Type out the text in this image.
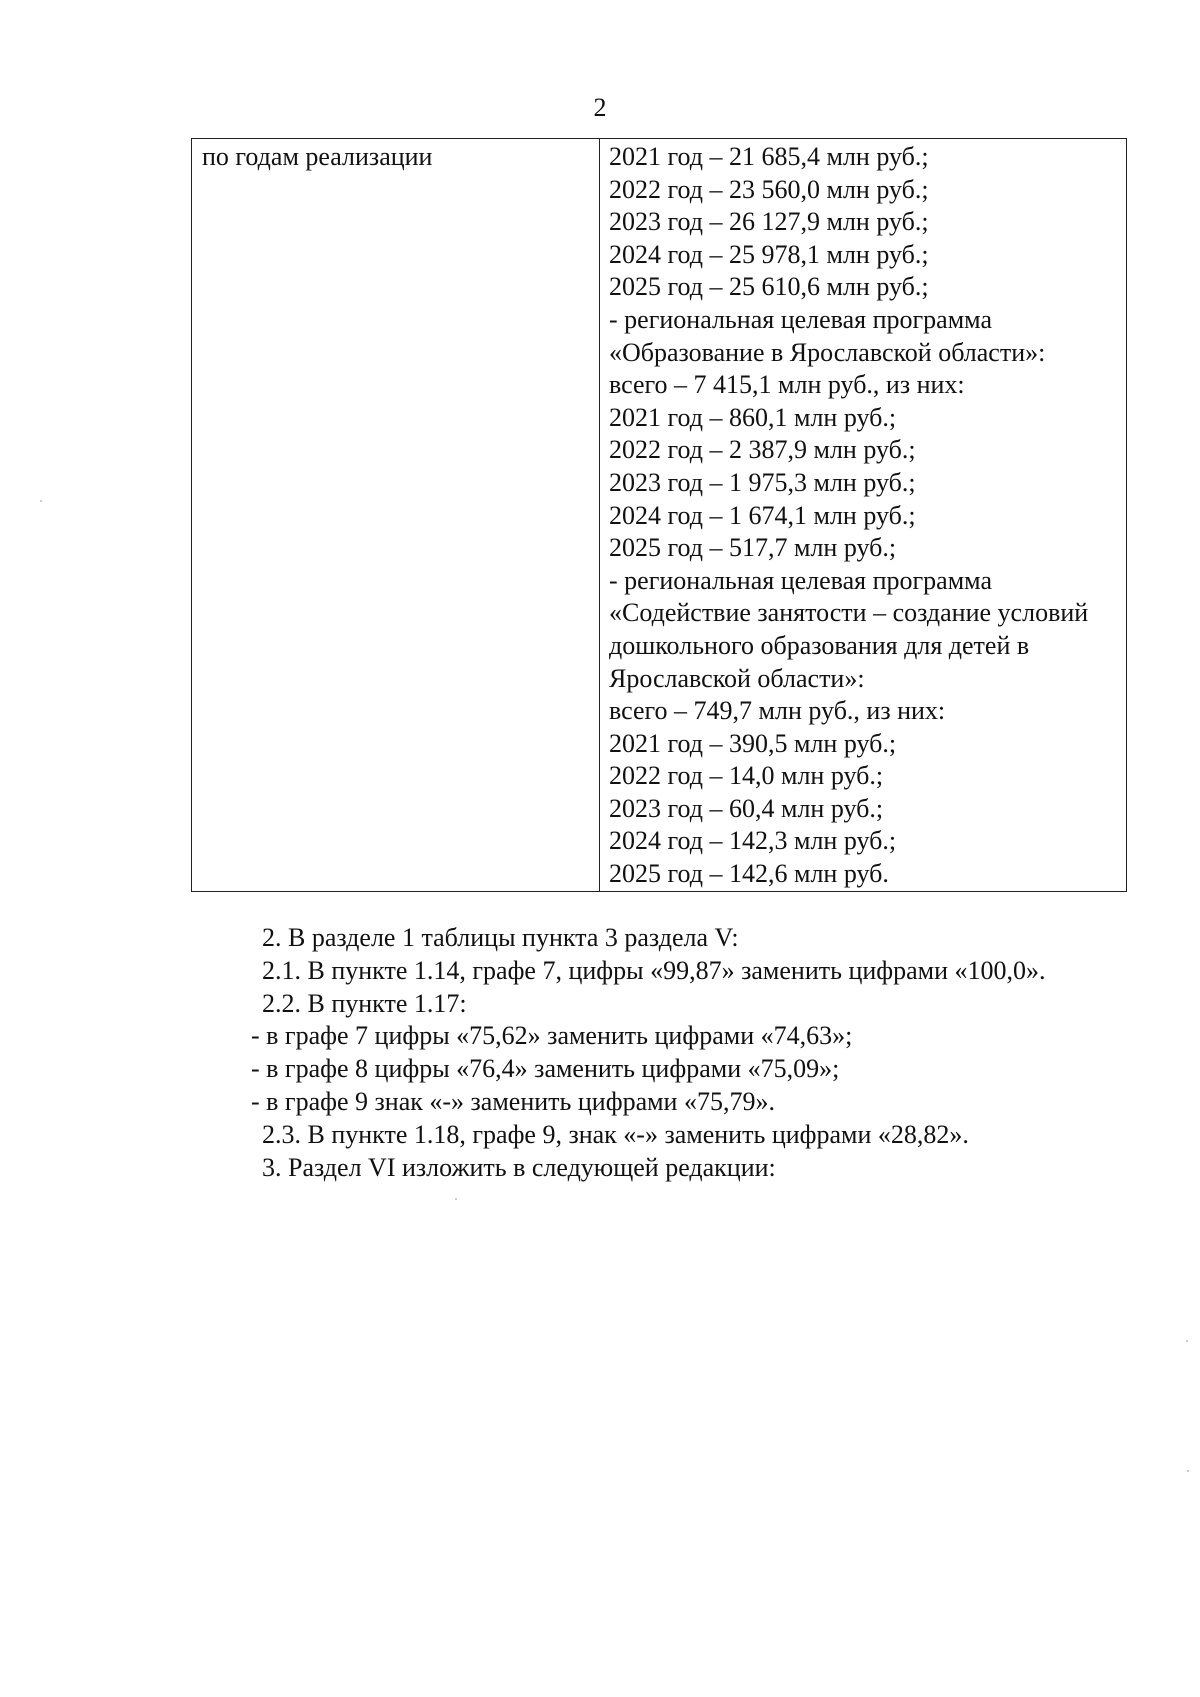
2
по годам реализации	2021 год – 21 685,4 млн руб.;
2022 год – 23 560,0 млн руб.;
2023 год – 26 127,9 млн руб.;
2024 год – 25 978,1 млн руб.;
2025 год – 25 610,6 млн руб.;
- региональная целевая программа
«Образование в Ярославской области»:
всего – 7 415,1 млн руб., из них:
2021 год – 860,1 млн руб.;
2022 год – 2 387,9 млн руб.;
2023 год – 1 975,3 млн руб.;
2024 год – 1 674,1 млн руб.;
2025 год – 517,7 млн руб.;
- региональная целевая программа
«Содействие занятости – создание условий
дошкольного образования для детей в
Ярославской области»:
всего – 749,7 млн руб., из них:
2021 год – 390,5 млн руб.;
2022 год – 14,0 млн руб.;
2023 год – 60,4 млн руб.;
2024 год – 142,3 млн руб.;
2025 год – 142,6 млн руб.
2. В разделе 1 таблицы пункта 3 раздела V:
2.1. В пункте 1.14, графе 7, цифры «99,87» заменить цифрами «100,0».
2.2. В пункте 1.17:
- в графе 7 цифры «75,62» заменить цифрами «74,63»;
- в графе 8 цифры «76,4» заменить цифрами «75,09»;
- в графе 9 знак «-» заменить цифрами «75,79».
2.3. В пункте 1.18, графе 9, знак «-» заменить цифрами «28,82».
3. Раздел VI изложить в следующей редакции:
